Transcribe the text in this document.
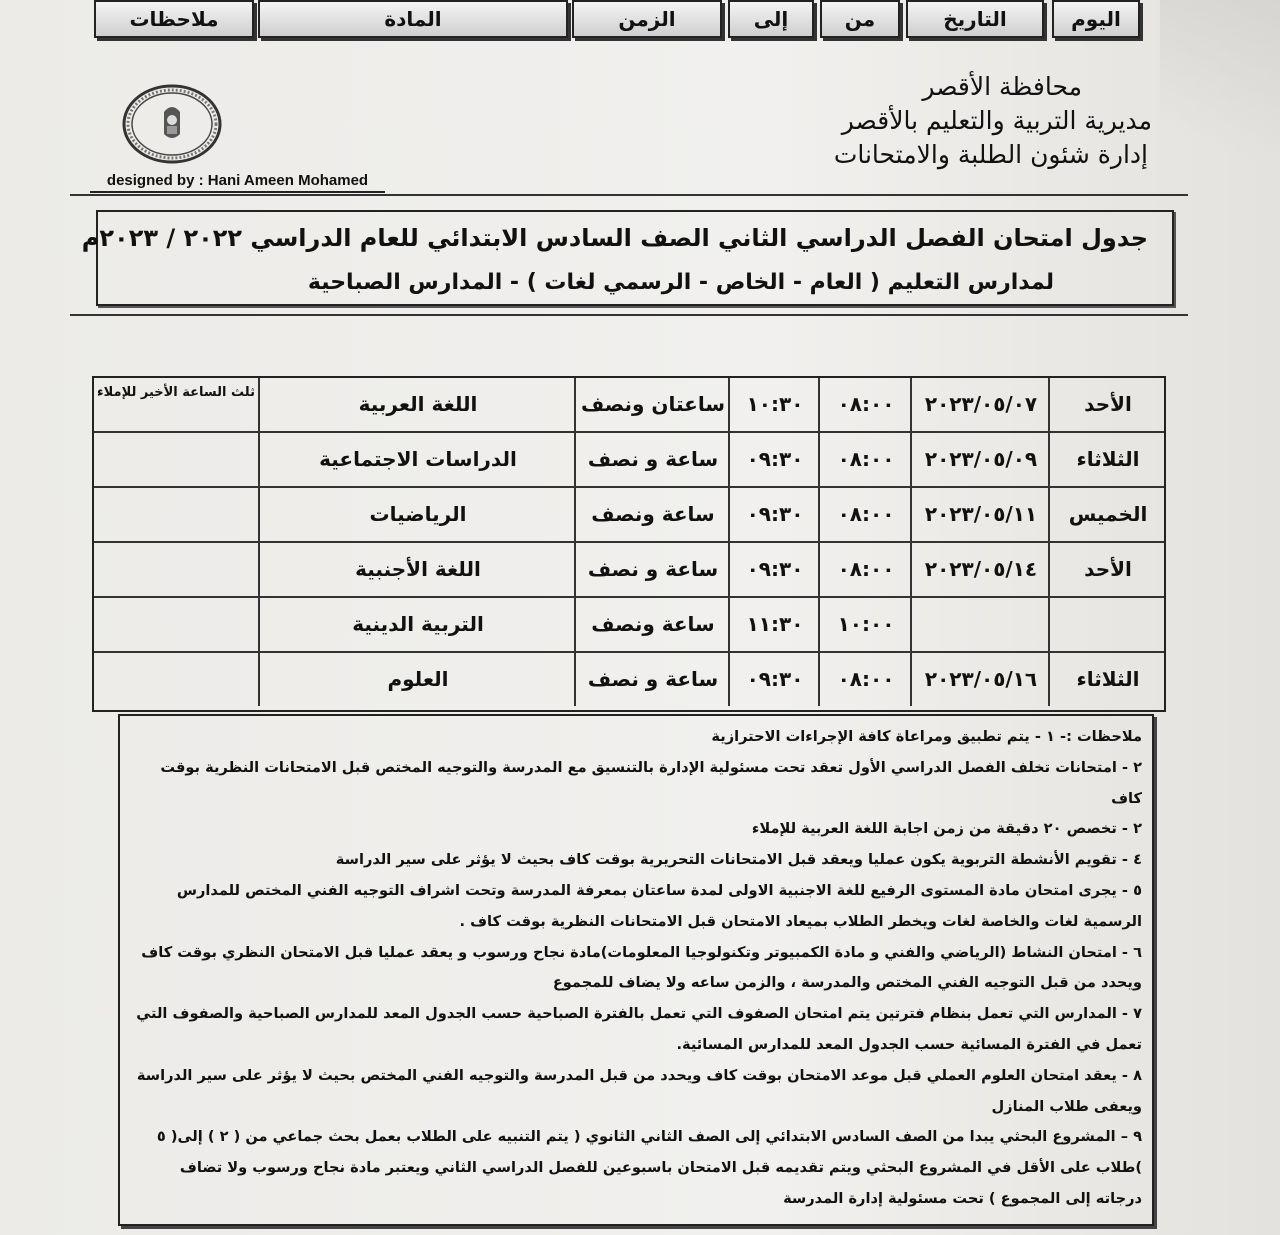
محافظة الأقصر
مديرية التربية والتعليم بالأقصر
إدارة شئون الطلبة والامتحانات
designed by : Hani Ameen Mohamed
جدول امتحان الفصل الدراسي الثاني الصف السادس الابتدائي للعام الدراسي ٢٠٢٢ / ٢٠٢٣م
لمدارس التعليم ( العام - الخاص - الرسمي لغات ) - المدارس الصباحية
اليوم
التاريخ
من
إلى
الزمن
المادة
ملاحظات
الأحد
٢٠٢٣/٠٥/٠٧
٠٨:٠٠
١٠:٣٠
ساعتان ونصف
اللغة العربية
ثلث الساعة الأخير للإملاء
الثلاثاء
٢٠٢٣/٠٥/٠٩
٠٨:٠٠
٠٩:٣٠
ساعة و نصف
الدراسات الاجتماعية
الخميس
٢٠٢٣/٠٥/١١
٠٨:٠٠
٠٩:٣٠
ساعة ونصف
الرياضيات
الأحد
٢٠٢٣/٠٥/١٤
٠٨:٠٠
٠٩:٣٠
ساعة و نصف
اللغة الأجنبية
١٠:٠٠
١١:٣٠
ساعة ونصف
التربية الدينية
الثلاثاء
٢٠٢٣/٠٥/١٦
٠٨:٠٠
٠٩:٣٠
ساعة و نصف
العلوم

ملاحظات :- ١ - يتم تطبيق ومراعاة كافة الإجراءات الاحترازية

٢ - امتحانات تخلف الفصل الدراسي الأول تعقد تحت مسئولية الإدارة بالتنسيق مع المدرسة والتوجيه المختص قبل الامتحانات النظرية بوقت كاف

٢ - تخصص ٢٠ دقيقة من زمن اجابة اللغة العربية للإملاء

٤ - تقويم الأنشطة التربوية يكون عمليا ويعقد قبل الامتحانات التحريرية بوقت كاف بحيث لا يؤثر على سير الدراسة

٥ - يجرى امتحان مادة المستوى الرفيع للغة الاجنبية الاولى لمدة ساعتان بمعرفة المدرسة وتحت اشراف التوجيه الفني المختص للمدارس الرسمية لغات والخاصة لغات ويخطر الطلاب بميعاد الامتحان قبل الامتحانات النظرية بوقت كاف .

٦ - امتحان النشاط (الرياضي والفني و مادة الكمبيوتر وتكنولوجيا المعلومات)مادة نجاح ورسوب و يعقد عمليا قبل الامتحان النظري بوقت كاف ويحدد من قبل التوجيه الفني المختص والمدرسة ، والزمن ساعه ولا يضاف للمجموع

٧ - المدارس التي تعمل بنظام فترتين يتم امتحان الصفوف التي تعمل بالفترة الصباحية حسب الجدول المعد للمدارس الصباحية والصفوف التي تعمل في الفترة المسائية حسب الجدول المعد للمدارس المسائية.

٨ - يعقد امتحان العلوم العملي قبل موعد الامتحان بوقت كاف ويحدد من قبل المدرسة والتوجيه الفني المختص بحيث لا يؤثر على سير الدراسة ويعفى طلاب المنازل

٩ – المشروع البحثي يبدا من الصف السادس الابتدائي إلى الصف الثاني الثانوي ( يتم التنبيه على الطلاب بعمل بحث جماعي من ( ٢ ) إلى( ٥ )طلاب على الأقل في المشروع البحثي ويتم تقديمه قبل الامتحان باسبوعين للفصل الدراسي الثاني ويعتبر مادة نجاح ورسوب ولا تضاف درجاته إلى المجموع ) تحت مسئولية إدارة المدرسة
